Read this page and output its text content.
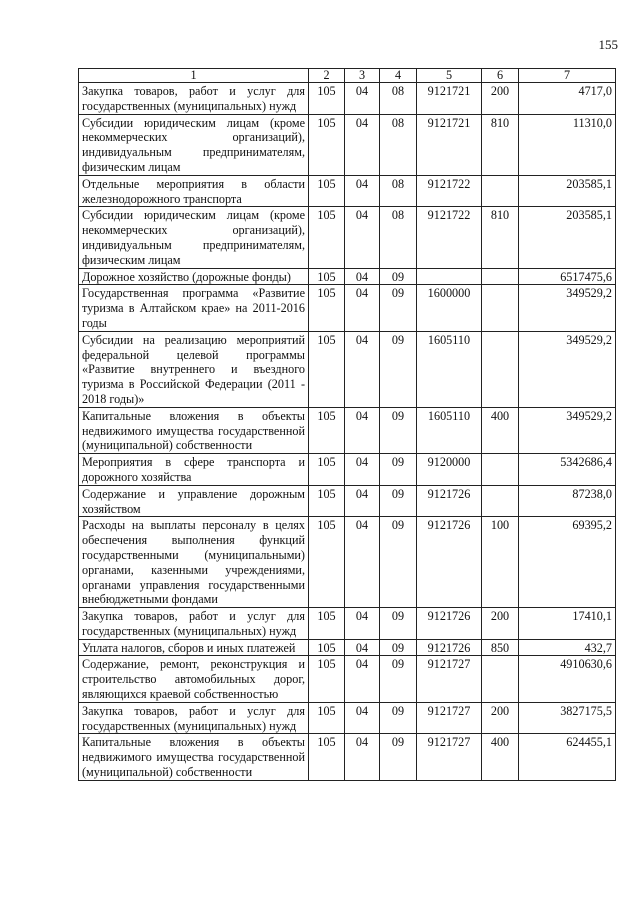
155
1	2	3	4	5	6	7
Закупка товаров, работ и услуг для государственных (муниципальных) нужд	105	04	08	9121721	200	4717,0
Субсидии юридическим лицам (кроме некоммерческих организаций), индивидуальным предпринимателям, физическим лицам	105	04	08	9121721	810	11310,0
Отдельные мероприятия в области железнодорожного транспорта	105	04	08	9121722		203585,1
Субсидии юридическим лицам (кроме некоммерческих организаций), индивидуальным предпринимателям, физическим лицам	105	04	08	9121722	810	203585,1
Дорожное хозяйство (дорожные фонды)	105	04	09			6517475,6
Государственная программа «Развитие туризма в Алтайском крае» на 2011-2016 годы	105	04	09	1600000		349529,2
Субсидии на реализацию мероприятий федеральной целевой программы «Развитие внутреннего и въездного туризма в Российской Федерации (2011 - 2018 годы)»	105	04	09	1605110		349529,2
Капитальные вложения в объекты недвижимого имущества государственной (муниципальной) собственности	105	04	09	1605110	400	349529,2
Мероприятия в сфере транспорта и дорожного хозяйства	105	04	09	9120000		5342686,4
Содержание и управление дорожным хозяйством	105	04	09	9121726		87238,0
Расходы на выплаты персоналу в целях обеспечения выполнения функций государственными (муниципальными) органами, казенными учреждениями, органами управления государственными внебюджетными фондами	105	04	09	9121726	100	69395,2
Закупка товаров, работ и услуг для государственных (муниципальных) нужд	105	04	09	9121726	200	17410,1
Уплата налогов, сборов и иных платежей	105	04	09	9121726	850	432,7
Содержание, ремонт, реконструкция и строительство автомобильных дорог, являющихся краевой собственностью	105	04	09	9121727		4910630,6
Закупка товаров, работ и услуг для государственных (муниципальных) нужд	105	04	09	9121727	200	3827175,5
Капитальные вложения в объекты недвижимого имущества государственной (муниципальной) собственности	105	04	09	9121727	400	624455,1
